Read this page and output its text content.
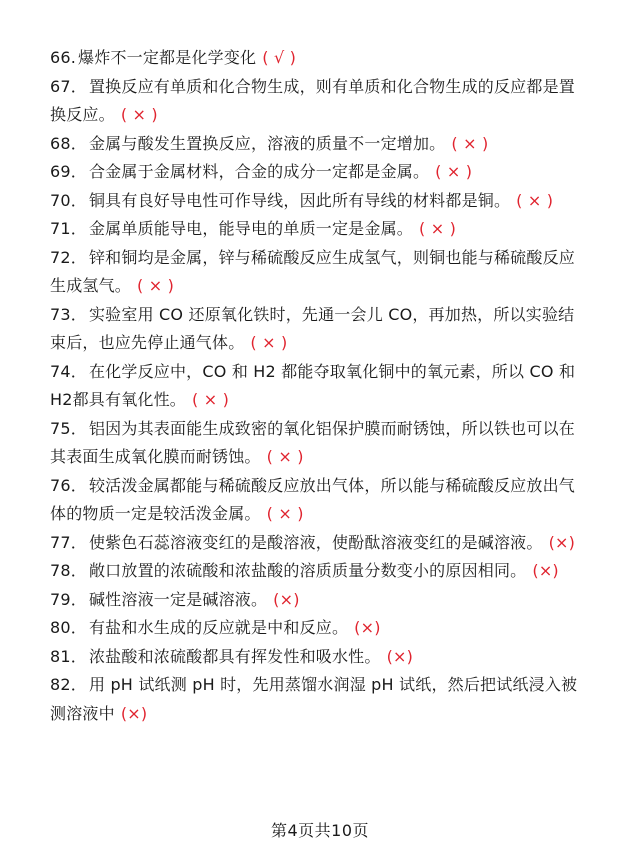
66. 爆炸不一定都是化学变化 ( √ )
67． 置换反应有单质和化合物生成，则有单质和化合物生成的反应都是置换反应。 ( × )
68． 金属与酸发生置换反应，溶液的质量不一定增加。 ( × )
69． 合金属于金属材料，合金的成分一定都是金属。 ( × )
70． 铜具有良好导电性可作导线，因此所有导线的材料都是铜。 ( × )
71． 金属单质能导电，能导电的单质一定是金属。 ( × )
72． 锌和铜均是金属，锌与稀硫酸反应生成氢气，则铜也能与稀硫酸反应生成氢气。 ( × )
73． 实验室用 CO 还原氧化铁时，先通一会儿 CO，再加热，所以实验结束后，也应先停止通气体。 ( × )
74． 在化学反应中，CO 和 H2 都能夺取氧化铜中的氧元素，所以 CO 和 H2都具有氧化性。 ( × )
75． 铝因为其表面能生成致密的氧化铝保护膜而耐锈蚀，所以铁也可以在其表面生成氧化膜而耐锈蚀。 ( × )
76． 较活泼金属都能与稀硫酸反应放出气体，所以能与稀硫酸反应放出气体的物质一定是较活泼金属。 ( × )
77． 使紫色石蕊溶液变红的是酸溶液，使酚酞溶液变红的是碱溶液。 (×)
78． 敞口放置的浓硫酸和浓盐酸的溶质质量分数变小的原因相同。 (×)
79． 碱性溶液一定是碱溶液。 (×)
80． 有盐和水生成的反应就是中和反应。 (×)
81． 浓盐酸和浓硫酸都具有挥发性和吸水性。 (×)
82． 用 pH 试纸测 pH 时，先用蒸馏水润湿 pH 试纸，然后把试纸浸入被测溶液中 (×)
第4页共10页
